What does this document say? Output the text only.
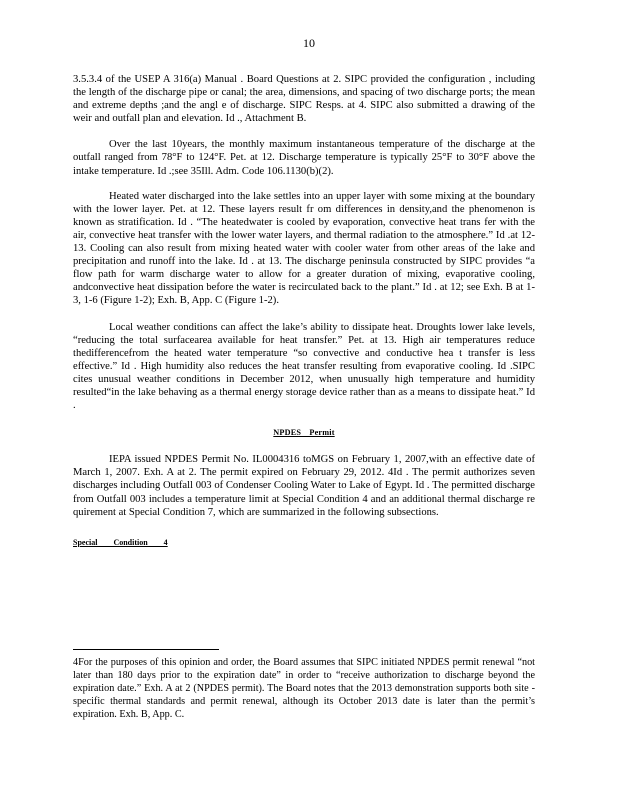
10

3.5.3.4 of the USEP A 316(a) Manual . Board Questions at 2. SIPC provided the configuration , including the length of the discharge pipe or canal; the area, dimensions, and spacing of two discharge ports; the mean and extreme depths ;and the angl e of discharge. SIPC Resps. at 4. SIPC also submitted a drawing of the weir and outfall plan and elevation. Id ., Attachment B.

Over the last 10years, the monthly maximum instantaneous temperature of the discharge at the outfall ranged from 78°F to 124°F. Pet. at 12. Discharge temperature is typically 25°F to 30°F above the intake temperature. Id .;see 35Ill. Adm. Code 106.1130(b)(2).

Heated water discharged into the lake settles into an upper layer with some mixing at the boundary with the lower layer. Pet. at 12. These layers result fr om differences in density,and the phenomenon is known as stratification. Id . “The heatedwater is cooled by evaporation, convective heat trans fer with the air, convective heat transfer with the lower water layers, and thermal radiation to the atmosphere.” Id .at 12-13. Cooling can also result from mixing heated water with cooler water from other areas of the lake and precipitation and runoff into the lake. Id . at 13. The discharge peninsula constructed by SIPC provides “a flow path for warm discharge water to allow for a greater duration of mixing, evaporative cooling, andconvective heat dissipation before the water is recirculated back to the plant.” Id . at 12; see Exh. B at 1-3, 1-6 (Figure 1-2); Exh. B, App. C (Figure 1-2).

Local weather conditions can affect the lake’s ability to dissipate heat. Droughts lower lake levels, “reducing the total surfacearea available for heat transfer.” Pet. at 13. High air temperatures reduce thedifferencefrom the heated water temperature “so convective and conductive hea t transfer is less effective.” Id . High humidity also reduces the heat transfer resulting from evaporative cooling. Id .SIPC cites unusual weather conditions in December 2012, when unusually high temperature and humidity resulted“in the lake behaving as a thermal energy storage device rather than as a means to dissipate heat.” Id .

NPDES Permit

IEPA issued NPDES Permit No. IL0004316 toMGS on February 1, 2007,with an effective date of March 1, 2007. Exh. A at 2. The permit expired on February 29, 2012. 4Id . The permit authorizes seven discharges including Outfall 003 of Condenser Cooling Water to Lake of Egypt. Id . The permitted discharge from Outfall 003 includes a temperature limit at Special Condition 4 and an additional thermal discharge re quirement at Special Condition 7, which are summarized in the following subsections.

Special Condition 4

4For the purposes of this opinion and order, the Board assumes that SIPC initiated NPDES permit renewal “not later than 180 days prior to the expiration date” in order to “receive authorization to discharge beyond the expiration date.” Exh. A at 2 (NPDES permit). The Board notes that the 2013 demonstration supports both site -specific thermal standards and permit renewal, although its October 2013 date is later than the permit’s expiration. Exh. B, App. C.
